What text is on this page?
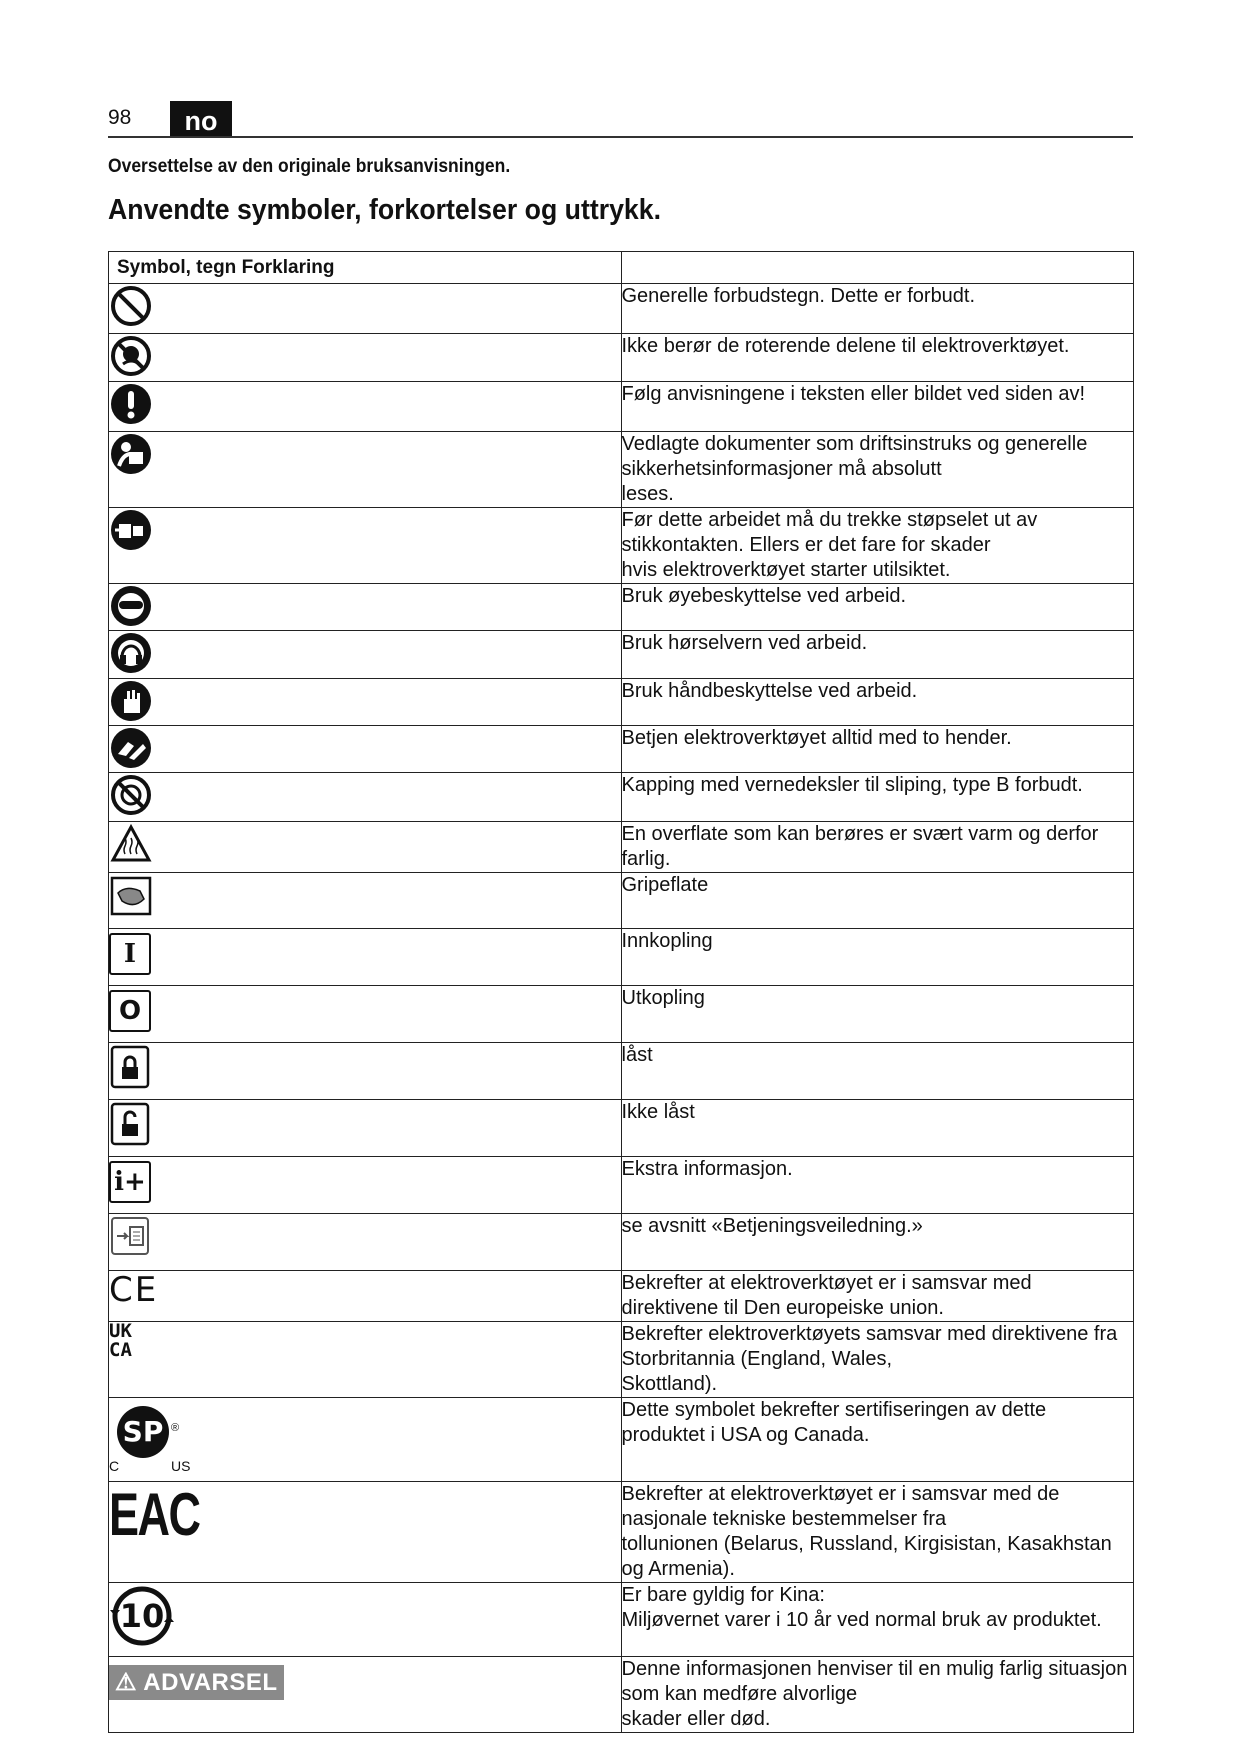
98	no
Oversettelse av den originale bruksanvisningen.
Anvendte symboler, forkortelser og uttrykk.
Symbol, tegn Forklaring	

	Generelle forbudstegn. Dette er forbudt.

	Ikke berør de roterende delene til elektroverktøyet.

	Følg anvisningene i teksten eller bildet ved siden av!

	Vedlagte dokumenter som driftsinstruks og generelle sikkerhetsinformasjoner må absolutt
leses.

	Før dette arbeidet må du trekke støpselet ut av stikkontakten. Ellers er det fare for skader
hvis elektroverktøyet starter utilsiktet.

	Bruk øyebeskyttelse ved arbeid.

	Bruk hørselvern ved arbeid.

	Bruk håndbeskyttelse ved arbeid.

	Betjen elektroverktøyet alltid med to hender.

	Kapping med vernedeksler til sliping, type B forbudt.

	En overflate som kan berøres er svært varm og derfor farlig.

	Gripeflate

I	Innkopling

O	Utkopling

	låst

	Ikke låst

i+	Ekstra informasjon.

	se avsnitt «Betjeningsveiledning.»

CE	Bekrefter at elektroverktøyet er i samsvar med direktivene til Den europeiske union.

UK
CA	Bekrefter elektroverktøyets samsvar med direktivene fra Storbritannia (England, Wales,
Skottland).

SP ®
C US	Dette symbolet bekrefter sertifiseringen av dette produktet i USA og Canada.

EAC	Bekrefter at elektroverktøyet er i samsvar med de nasjonale tekniske bestemmelser fra
tollunionen (Belarus, Russland, Kirgisistan, Kasakhstan og Armenia).

10	Er bare gyldig for Kina:
Miljøvernet varer i 10 år ved normal bruk av produktet.
⚠ ADVARSEL	Denne informasjonen henviser til en mulig farlig situasjon som kan medføre alvorlige
skader eller død.
